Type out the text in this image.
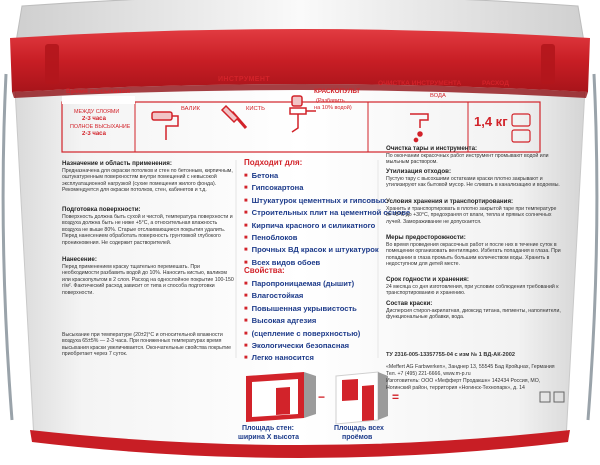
Время высыхания
МЕЖДУ СЛОЯМИ
2-3 часа
ПОЛНОЕ ВЫСЫХАНИЕ
2-3 часа
ИНСТРУМЕНТ
ВАЛИК	КИСТЬ
КРАСКОПУЛЬТ
(Разбавить
на 10% водой)
ОЧИСТКА ИНСТРУМЕНТА
ВОДА
РАСХОД
1,4 кг
Назначение и область применения:
Предназначена для окраски потолков и стен по бетонным, кирпичным, оштукатуренным поверхностям внутри помещений с невысокой эксплуатационной нагрузкой (сухие помещения жилого фонда). Рекомендуется для окраски потолков, стен, кабинетов и т.д.
Подготовка поверхности:
Поверхность должна быть сухой и чистой, температура поверхности и воздуха должна быть не ниже +5°С, а относительная влажность воздуха не выше 80%. Старые отслаивающиеся покрытия удалить. Перед нанесением обработать поверхность грунтовкой глубокого проникновения. Не содержит растворителей.
Нанесение:
Перед применением краску тщательно перемешать. При необходимости разбавить водой до 10%. Наносить кистью, валиком или краскопультом в 2 слоя. Расход на однослойное покрытие 100-150 г/м². Фактический расход зависит от типа и способа подготовки поверхности.
Высыхание при температуре (20±2)°С и относительной влажности воздуха 65±5% — 2-3 часа. При пониженных температурах время высыхания краски увеличивается. Окончательные свойства покрытие приобретает через 7 суток.
Подходит для:
■ Бетона
■ Гипсокартона
■ Штукатурок цементных и гипсовых
■ Строительных плит на цементной основе
■ Кирпича красного и силикатного
■ Пеноблоков
■ Прочных ВД красок и штукатурок
■ Всех видов обоев
Свойства:
■ Паропроницаемая (дышит)
■ Влагостойкая
■ Повышенная укрывистость
■ Высокая адгезия
■ (сцепление с поверхностью)
■ Экологически безопасная
■ Легко наносится
Очистка тары и инструмента:
По окончании окрасочных работ инструмент промывают водой или мыльным раствором.
Утилизация отходов:
Пустую тару с высохшими остатками краски плотно закрывают и утилизируют как бытовой мусор. Не сливать в канализацию и водоемы.
Условия хранения и транспортирования:
Хранить и транспортировать в плотно закрытой таре при температуре от +5°С до +30°С, предохраняя от влаги, тепла и прямых солнечных лучей. Замораживание не допускается.
Меры предосторожности:
Во время проведения окрасочных работ и после них в течение суток в помещении организовать вентиляцию. Избегать попадания в глаза. При попадании в глаза промыть большим количеством воды. Хранить в недоступном для детей месте.
Срок годности и хранения:
24 месяца со дня изготовления, при условии соблюдения требований к транспортированию и хранению.
Состав краски:
Дисперсия стирол-акрилатная, диоксид титана, пигменты, наполнители, функциональные добавки, вода.
ТУ 2316-005-13357755-04 с изм № 1 ВД-АК-2002
«Meffert AG Farbwerken», Занднер 13, 55545 Бад Кройцнах, Германия
Тел. +7 (495) 221-6666, www.m-p.ru
Изготовитель: ООО «Мефферт Продакшн» 142434 Россия, МО,
Ногинский район, территория «Ногинск-Технопарк», д. 14
−	=
Площадь стен:
ширина Х высота
Площадь всех
проёмов
